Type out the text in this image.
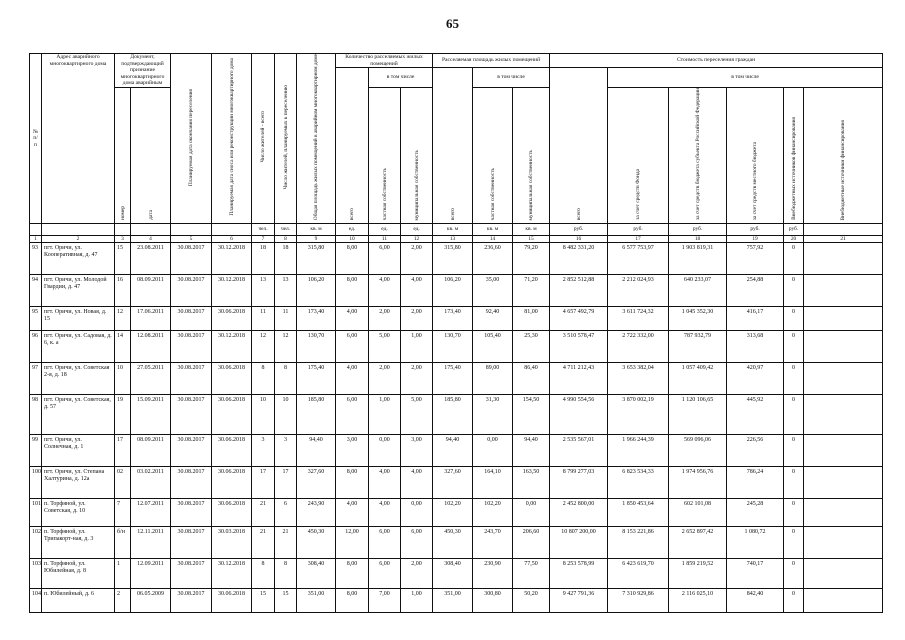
65
№ п/п	Адрес аварийного многоквартирного дома	Документ, подтверждающий признание многоквартирного дома аварийным		Планируемая дата окончания переселения	Планируемая дата сноса или реконструкции многоквартирного дома	Число жителей - всего	Число жителей, планируемых к переселению	Общая площадь жилых помещений в аварийном многоквартирном доме	Количество расселяемых жилых помещений			Расселяемая площадь жилых помещений			Стоимость переселения граждан					
									всего	в том числе		всего	в том числе		всего	в том числе				
		номер	дата							частная собственность	муниципальная собственность		частная собственность	муниципальная собственность		за счет средств Фонда	за счет средств бюджета субъекта Российской Федерации	за счет средств местного бюджета	Внебюджетных источников финансирования	Внебюджетные источники финансирования
						чел.	чел.	кв. м	ед.	ед.	ед.	кв. м	кв. м	кв. м	руб.	руб.	руб.	руб.	руб.	
1	2	3	4	5	6	7	8	9	10	11	12	13	14	15	16	17	18	19	20	21
93	пгт. Оричи, ул. Кооперативная, д. 47	15	23.08.2011	30.08.2017	30.12.2018	18	18	315,80	8,00	6,00	2,00	315,80	236,60	79,20	8 482 331,20	6 577 753,97	1 903 819,31	757,92	0	
94	пгт. Оричи, ул. Молодой Гвардии, д. 47	16	08.09.2011	30.08.2017	30.12.2018	13	13	106,20	8,00	4,00	4,00	106,20	35,00	71,20	2 852 512,88	2 212 024,93	640 233,07	254,88	0	
95	пгт. Оричи, ул. Новая, д. 15	12	17.06.2011	30.08.2017	30.06.2018	11	11	173,40	4,00	2,00	2,00	173,40	92,40	81,00	4 657 492,79	3 611 724,32	1 045 352,30	416,17	0	
96	пгт. Оричи, ул. Садовая, д. 6, к. а	14	12.08.2011	30.08.2017	30.12.2018	12	12	130,70	6,00	5,00	1,00	130,70	105,40	25,30	3 510 578,47	2 722 332,00	787 932,79	313,68	0	
97	пгт. Оричи, ул. Советская 2-я, д. 18	10	27.05.2011	30.08.2017	30.06.2018	8	8	175,40	4,00	2,00	2,00	175,40	89,00	86,40	4 711 212,43	3 653 382,04	1 057 409,42	420,97	0	
98	пгт. Оричи, ул. Советская, д. 57	19	15.09.2011	30.08.2017	30.06.2018	10	10	185,80	6,00	1,00	5,00	185,80	31,30	154,50	4 990 554,56	3 870 002,19	1 120 106,65	445,92	0	
99	пгт. Оричи, ул. Солнечная, д. 1	17	08.09.2011	30.08.2017	30.06.2018	3	3	94,40	3,00	0,00	3,00	94,40	0,00	94,40	2 535 567,01	1 966 244,39	569 096,06	226,56	0	
100	пгт. Оричи, ул. Степана Халтурина, д. 12а	02	03.02.2011	30.08.2017	30.06.2018	17	17	327,60	8,00	4,00	4,00	327,60	164,10	163,50	8 799 277,03	6 823 534,33	1 974 956,76	786,24	0	
101	п. Торфяной, ул. Советская, д. 10	7	12.07.2011	30.08.2017	30.06.2018	21	6	243,90	4,00	4,00	0,00	102,20	102,20	0,00	2 452 800,00	1 850 453,64	602 101,08	245,28	0	
102	п. Торфяной, ул. Трипакорт-ная, д. 3	б/н	12.11.2011	30.08.2017	30.03.2018	21	21	450,30	12,00	6,00	6,00	450,30	243,70	206,60	10 807 200,00	8 153 221,86	2 652 897,42	1 080,72	0	
103	п. Торфяной, ул. Юбилейная, д. 8	1	12.09.2011	30.08.2017	30.12.2018	8	8	308,40	8,00	6,00	2,00	308,40	230,90	77,50	8 253 578,99	6 423 619,70	1 859 219,52	740,17	0	
104	п. Юбилейный, д. 6	2	06.05.2009	30.08.2017	30.06.2018	15	15	351,00	8,00	7,00	1,00	351,00	300,80	50,20	9 427 791,36	7 310 929,86	2 116 025,10	842,40	0	
